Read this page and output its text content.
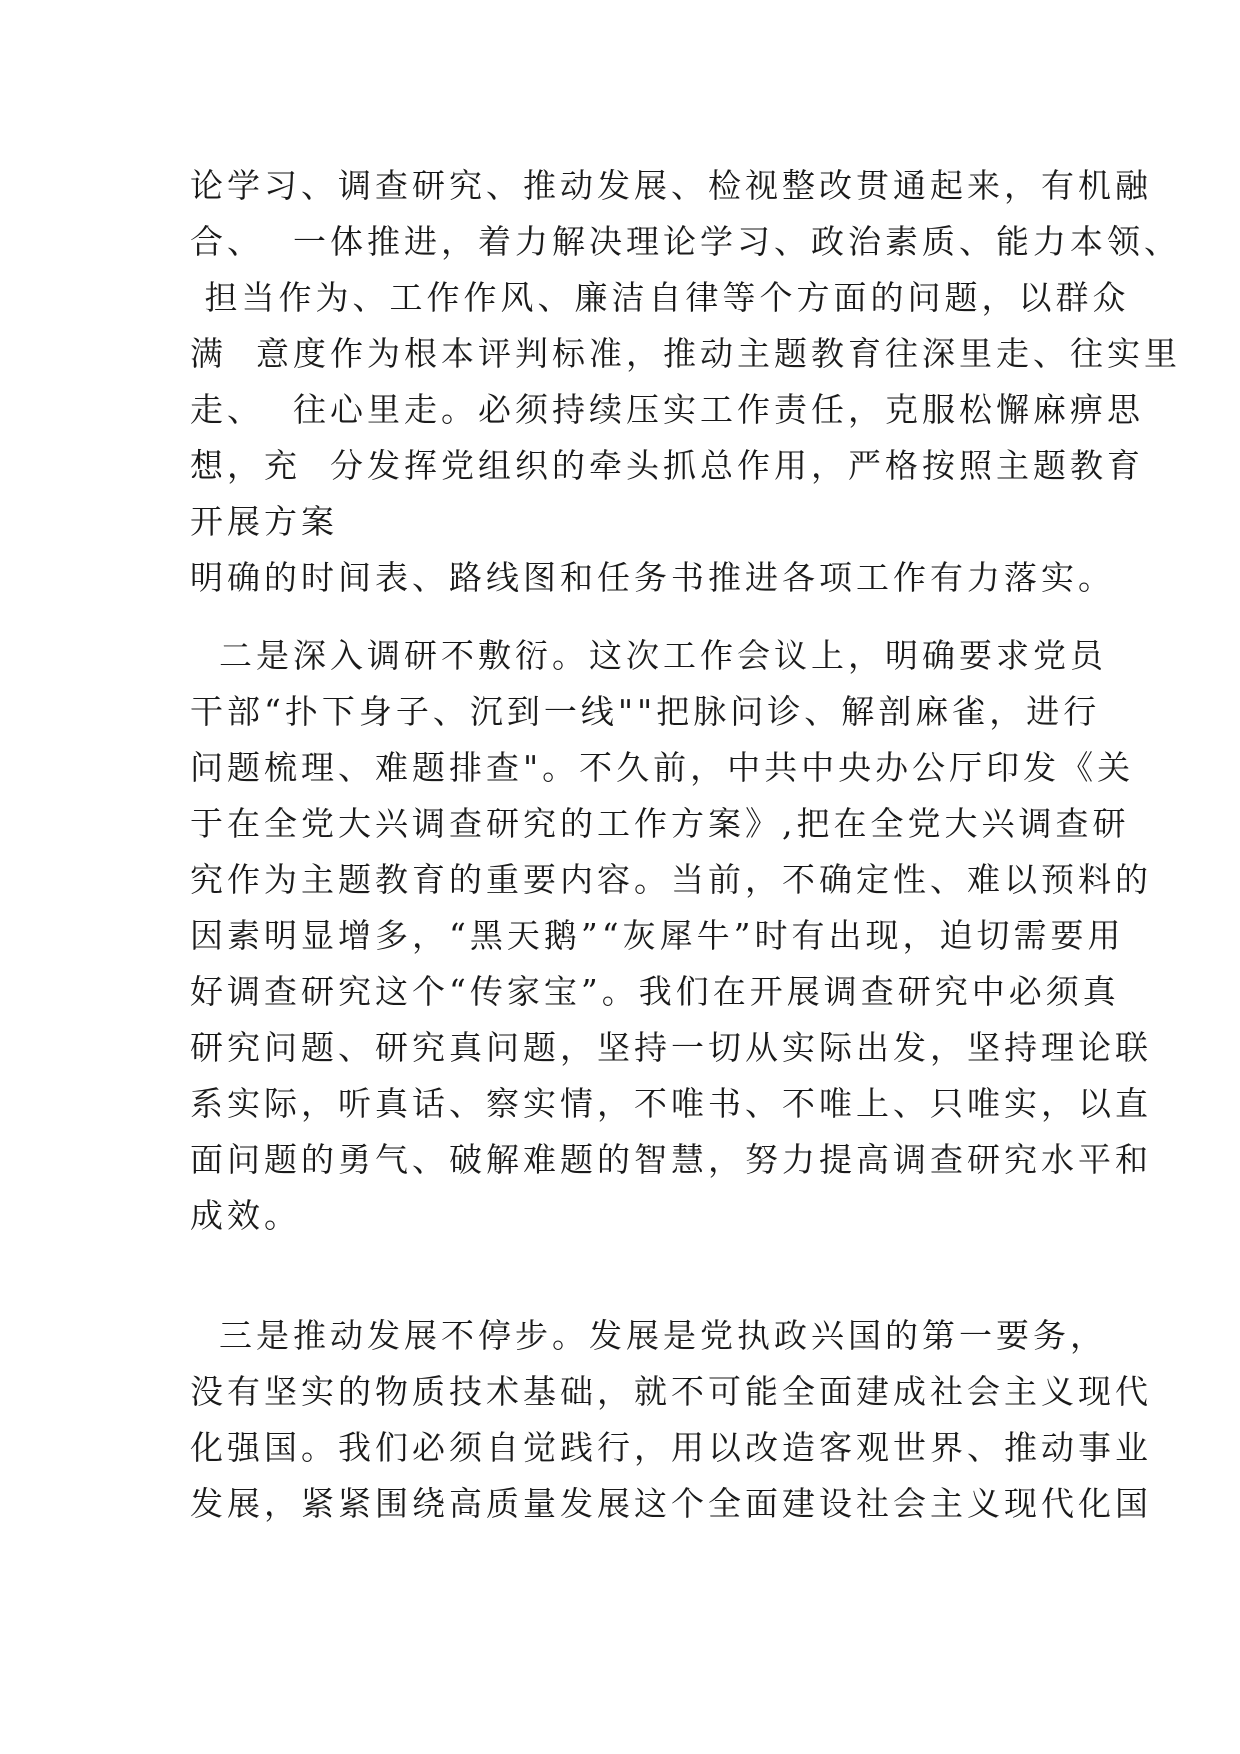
论学习、调查研究、推动发展、检视整改贯通起来，有机融
合、  一体推进，着力解决理论学习、政治素质、能力本领、
担当作为、工作作风、廉洁自律等个方面的问题，以群众
满  意度作为根本评判标准，推动主题教育往深里走、往实里
走、  往心里走。必须持续压实工作责任，克服松懈麻痹思
想，充  分发挥党组织的牵头抓总作用，严格按照主题教育
开展方案
明确的时间表、路线图和任务书推进各项工作有力落实。
二是深入调研不敷衍。这次工作会议上，明确要求党员
干部“扑下身子、沉到一线""把脉问诊、解剖麻雀，进行
问题梳理、难题排查"。不久前，中共中央办公厅印发《关
于在全党大兴调查研究的工作方案》,把在全党大兴调查研
究作为主题教育的重要内容。当前，不确定性、难以预料的
因素明显增多，“黑天鹅”“灰犀牛”时有出现，迫切需要用
好调查研究这个“传家宝”。我们在开展调查研究中必须真
研究问题、研究真问题，坚持一切从实际出发，坚持理论联
系实际，听真话、察实情，不唯书、不唯上、只唯实，以直
面问题的勇气、破解难题的智慧，努力提高调查研究水平和
成效。
三是推动发展不停步。发展是党执政兴国的第一要务，
没有坚实的物质技术基础，就不可能全面建成社会主义现代
化强国。我们必须自觉践行，用以改造客观世界、推动事业
发展，紧紧围绕高质量发展这个全面建设社会主义现代化国
